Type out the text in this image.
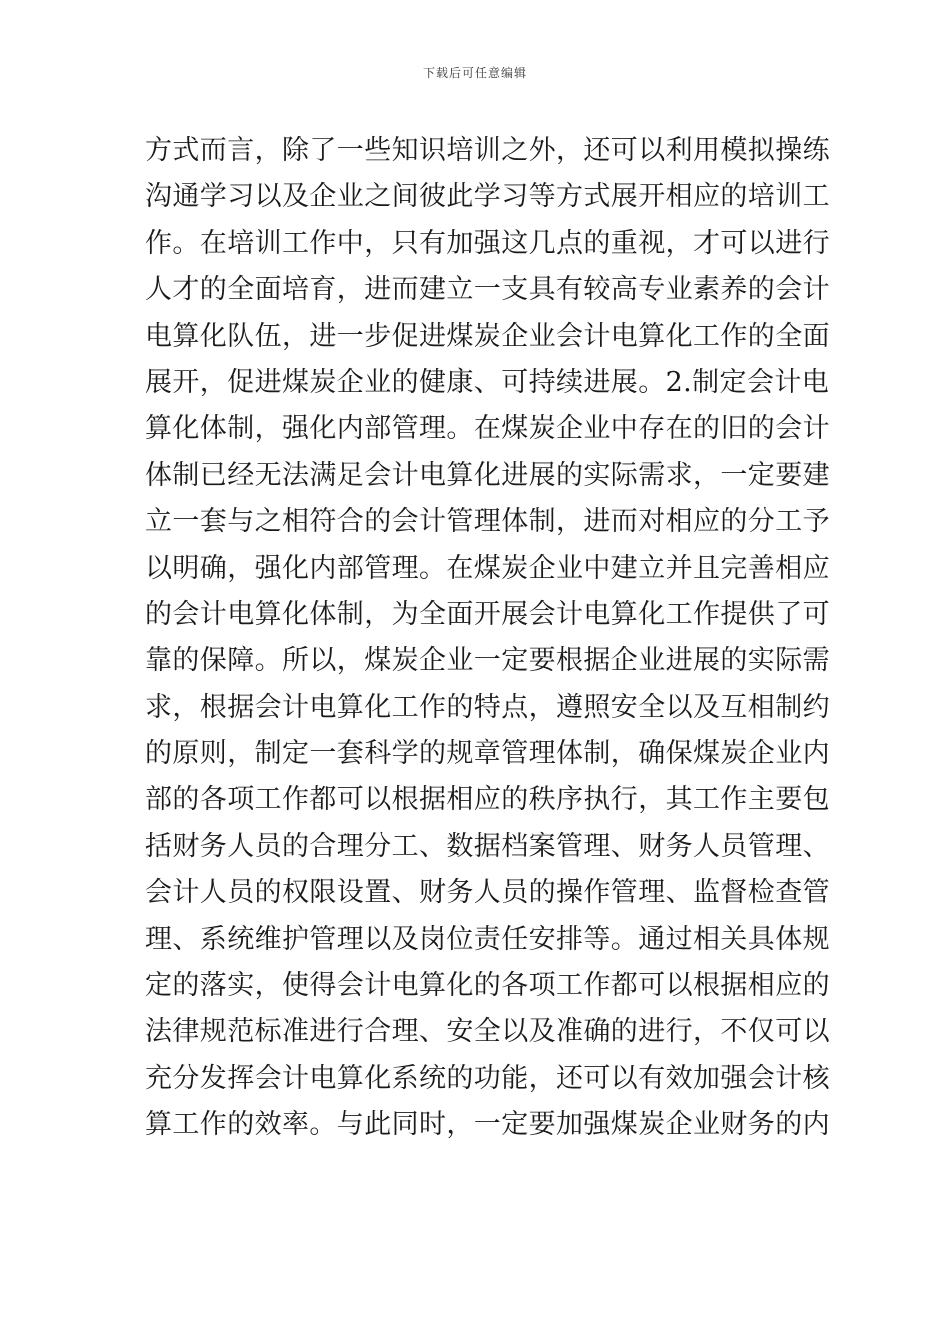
下载后可任意编辑
方式而言，除了一些知识培训之外，还可以利用模拟操练
沟通学习以及企业之间彼此学习等方式展开相应的培训工
作。在培训工作中，只有加强这几点的重视，才可以进行
人才的全面培育，进而建立一支具有较高专业素养的会计
电算化队伍，进一步促进煤炭企业会计电算化工作的全面
展开，促进煤炭企业的健康、可持续进展。2.制定会计电
算化体制，强化内部管理。在煤炭企业中存在的旧的会计
体制已经无法满足会计电算化进展的实际需求，一定要建
立一套与之相符合的会计管理体制，进而对相应的分工予
以明确，强化内部管理。在煤炭企业中建立并且完善相应
的会计电算化体制，为全面开展会计电算化工作提供了可
靠的保障。所以，煤炭企业一定要根据企业进展的实际需
求，根据会计电算化工作的特点，遵照安全以及互相制约
的原则，制定一套科学的规章管理体制，确保煤炭企业内
部的各项工作都可以根据相应的秩序执行，其工作主要包
括财务人员的合理分工、数据档案管理、财务人员管理、
会计人员的权限设置、财务人员的操作管理、监督检查管
理、系统维护管理以及岗位责任安排等。通过相关具体规
定的落实，使得会计电算化的各项工作都可以根据相应的
法律规范标准进行合理、安全以及准确的进行，不仅可以
充分发挥会计电算化系统的功能，还可以有效加强会计核
算工作的效率。与此同时，一定要加强煤炭企业财务的内
